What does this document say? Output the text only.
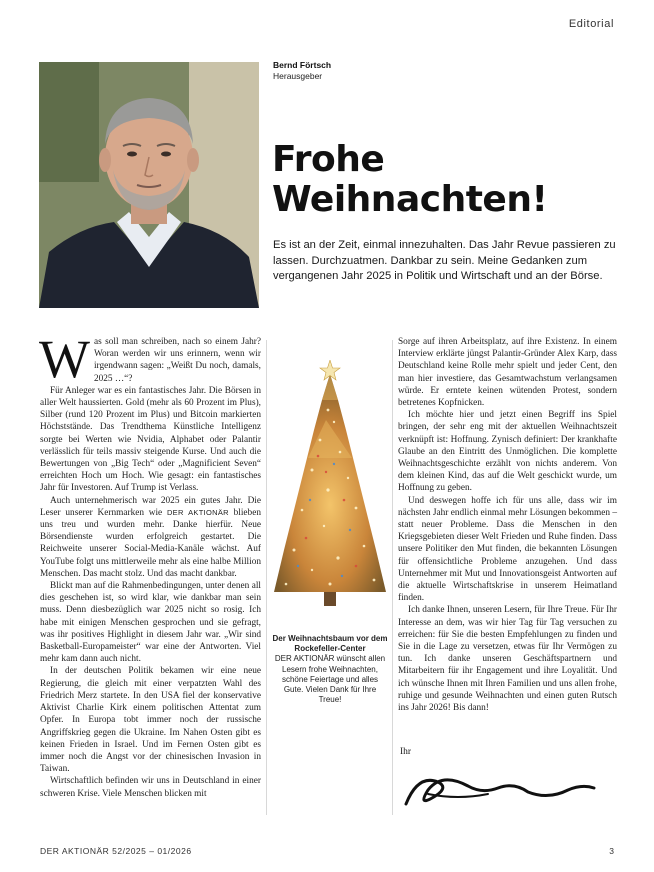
Editorial
Bernd Förtsch
Herausgeber
Frohe
Weihnachten!

Es ist an der Zeit, einmal innezuhalten. Das Jahr Revue passieren zu lassen. Durchzuatmen. Dankbar zu sein. Meine Gedanken zum vergangenen Jahr 2025 in Politik und Wirtschaft und an der Börse.

Was soll man schreiben, nach so einem Jahr? Woran werden wir uns erinnern, wenn wir irgendwann sagen: „Weißt Du noch, damals, 2025 …“?

Für Anleger war es ein fantastisches Jahr. Die Börsen in aller Welt haussierten. Gold (mehr als 60 Prozent im Plus), Silber (rund 120 Prozent im Plus) und Bitcoin markierten Höchststände. Das Trendthema Künstliche Intelligenz sorgte bei Werten wie Nvidia, Alphabet oder Palantir verlässlich für teils massiv steigende Kurse. Und auch die Bewertungen von „Big Tech“ oder „Magnificient Seven“ erreichten Hoch um Hoch. Wie gesagt: ein fantastisches Jahr für Investoren. Auf Trump ist Verlass.

Auch unternehmerisch war 2025 ein gutes Jahr. Die Leser unserer Kernmarken wie DER AKTIONÄR blieben uns treu und wurden mehr. Danke hierfür. Neue Börsendienste wurden erfolgreich gestartet. Die Reichweite unserer Social-Media-Kanäle wächst. Auf YouTube folgt uns mittlerweile mehr als eine halbe Million Menschen. Das macht stolz. Und das macht dankbar.

Blickt man auf die Rahmenbedingungen, unter denen all dies geschehen ist, so wird klar, wie dankbar man sein muss. Denn diesbezüglich war 2025 nicht so rosig. Ich habe mit einigen Menschen gesprochen und sie gefragt, was ihr positives Highlight in diesem Jahr war. „Wir sind Basketball-Europameister“ war eine der Antworten. Viel mehr kam dann auch nicht.

In der deutschen Politik bekamen wir eine neue Regierung, die gleich mit einer verpatzten Wahl des Friedrich Merz startete. In den USA fiel der konservative Aktivist Charlie Kirk einem politischen Attentat zum Opfer. In Europa tobt immer noch der russische Angriffskrieg gegen die Ukraine. Im Nahen Osten gibt es keinen Frieden in Israel. Und im Fernen Osten gibt es immer noch die Angst vor der chinesischen Invasion in Taiwan.

Wirtschaftlich befinden wir uns in Deutschland in einer schweren Krise. Viele Menschen blicken mit

Der Weihnachtsbaum vor dem Rockefeller-Center
DER AKTIONÄR wünscht allen Lesern frohe Weihnachten, schöne Feiertage und alles Gute. Vielen Dank für Ihre Treue!

Sorge auf ihren Arbeitsplatz, auf ihre Existenz. In einem Interview erklärte jüngst Palantir-Gründer Alex Karp, dass Deutschland keine Rolle mehr spielt und jeder Cent, den man hier investiere, das Gesamtwachstum verlangsamen würde. Er erntete keinen wütenden Protest, sondern betretenes Kopfnicken.

Ich möchte hier und jetzt einen Begriff ins Spiel bringen, der sehr eng mit der aktuellen Weihnachtszeit verknüpft ist: Hoffnung. Zynisch definiert: Der krankhafte Glaube an den Eintritt des Unmöglichen. Die komplette Weihnachtsgeschichte erzählt von nichts anderem. Von dem kleinen Kind, das auf die Welt geschickt wurde, um Hoffnung zu geben.

Und deswegen hoffe ich für uns alle, dass wir im nächsten Jahr endlich einmal mehr Lösungen bekommen – statt neuer Probleme. Dass die Menschen in den Kriegsgebieten dieser Welt Frieden und Ruhe finden. Dass unsere Politiker den Mut finden, die bekannten Lösungen für offensichtliche Probleme anzugehen. Und dass Unternehmer mit Mut und Innovationsgeist Antworten auf die aktuelle Wirtschaftskrise in unserem Heimatland finden.

Ich danke Ihnen, unseren Lesern, für Ihre Treue. Für Ihr Interesse an dem, was wir hier Tag für Tag versuchen zu erreichen: für Sie die besten Empfehlungen zu finden und Sie in die Lage zu versetzen, etwas für Ihr Vermögen zu tun. Ich danke unseren Geschäftspartnern und Mitarbeitern für ihr Engagement und ihre Loyalität. Und ich wünsche Ihnen mit Ihren Familien und uns allen frohe, ruhige und gesunde Weihnachten und einen guten Rutsch ins Jahr 2026! Bis dann!

Ihr
DER AKTIONÄR 52/2025 – 01/2026	3
